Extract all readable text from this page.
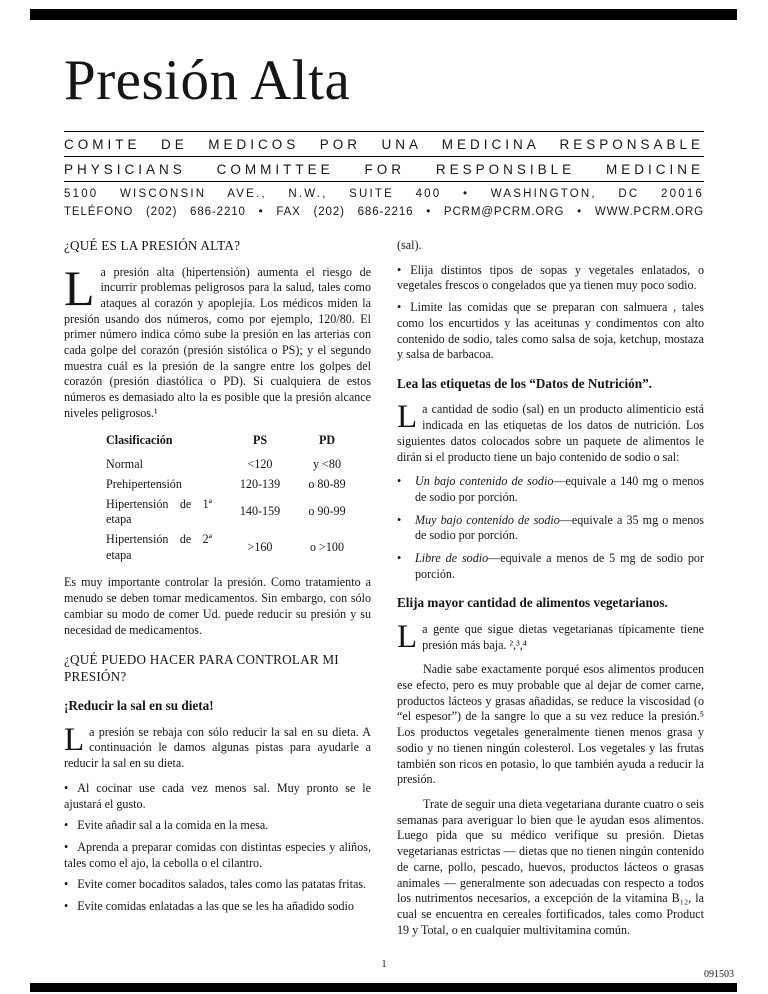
Presión Alta
COMITE DE MEDICOS POR UNA MEDICINA RESPONSABLE
PHYSICIANS COMMITTEE FOR RESPONSIBLE MEDICINE
5100 WISCONSIN AVE., N.W., SUITE 400 • WASHINGTON, DC 20016
TELÉFONO (202) 686-2210 • FAX (202) 686-2216 • PCRM@PCRM.ORG • WWW.PCRM.ORG
¿QUÉ ES LA PRESIÓN ALTA?

La presión alta (hipertensión) aumenta el riesgo de incurrir problemas peligrosos para la salud, tales como ataques al corazón y apoplejía. Los médicos miden la presión usando dos números, como por ejemplo, 120/80. El primer número indica cómo sube la presión en las arterias con cada golpe del corazón (presión sistólica o PS); y el segundo muestra cuál es la presión de la sangre entre los golpes del corazón (presión diastólica o PD). Si cualquiera de estos números es demasiado alto la es posible que la presión alcance niveles peligrosos.¹

Clasificación	PS	PD
Normal	<120	y <80
Prehipertensión	120-139	o 80-89
Hipertensión de 1ª etapa	140-159	o 90-99
Hipertensión de 2ª etapa	>160	o >100

Es muy importante controlar la presión. Como tratamiento a menudo se deben tomar medicamentos. Sin embargo, con sólo cambiar su modo de comer Ud. puede reducir su presión y su necesidad de medicamentos.

¿QUÉ PUEDO HACER PARA CONTROLAR MI PRESIÓN?
¡Reducir la sal en su dieta!

La presión se rebaja con sólo reducir la sal en su dieta. A continuación le damos algunas pistas para ayudarle a reducir la sal en su dieta.

• Al cocinar use cada vez menos sal. Muy pronto se le ajustará el gusto.

• Evite añadir sal a la comida en la mesa.

• Aprenda a preparar comidas con distintas especies y aliños, tales como el ajo, la cebolla o el cilantro.

• Evite comer bocaditos salados, tales como las patatas fritas.

• Evite comidas enlatadas a las que se les ha añadido sodio

(sal).

• Elija distintos tipos de sopas y vegetales enlatados, o vegetales frescos o congelados que ya tienen muy poco sodio.

• Limite las comidas que se preparan con salmuera , tales como los encurtidos y las aceitunas y condimentos con alto contenido de sodio, tales como salsa de soja, ketchup, mostaza y salsa de barbacoa.

Lea las etiquetas de los “Datos de Nutrición”.

La cantidad de sodio (sal) en un producto alimenticio está indicada en las etiquetas de los datos de nutrición. Los siguientes datos colocados sobre un paquete de alimentos le dirán si el producto tiene un bajo contenido de sodio o sal:

•	Un bajo contenido de sodio—equivale a 140 mg o menos de sodio por porción.
•	Muy bajo contenido de sodio—equivale a 35 mg o menos de sodio por porción.
•	Libre de sodio—equivale a menos de 5 mg de sodio por porción.
Elija mayor cantidad de alimentos vegetarianos.

La gente que sigue dietas vegetarianas típicamente tiene presión más baja. ²,³,⁴

Nadie sabe exactamente porqué esos alimentos producen ese efecto, pero es muy probable que al dejar de comer carne, productos lácteos y grasas añadidas, se reduce la viscosidad (o “el espesor”) de la sangre lo que a su vez reduce la presión.⁵ Los productos vegetales generalmente tienen menos grasa y sodio y no tienen ningún colesterol. Los vegetales y las frutas también son ricos en potasio, lo que también ayuda a reducir la presión.

Trate de seguir una dieta vegetariana durante cuatro o seis semanas para averiguar lo bien que le ayudan esos alimentos. Luego pida que su médico verifique su presión. Dietas vegetarianas estrictas — dietas que no tienen ningún contenido de carne, pollo, pescado, huevos, productos lácteos o grasas animales — generalmente son adecuadas con respecto a todos los nutrimentos necesarios, a excepción de la vitamina B₁₂, la cual se encuentra en cereales fortificados, tales como Product 19 y Total, o en cualquier multivitamina común.

1
091503
